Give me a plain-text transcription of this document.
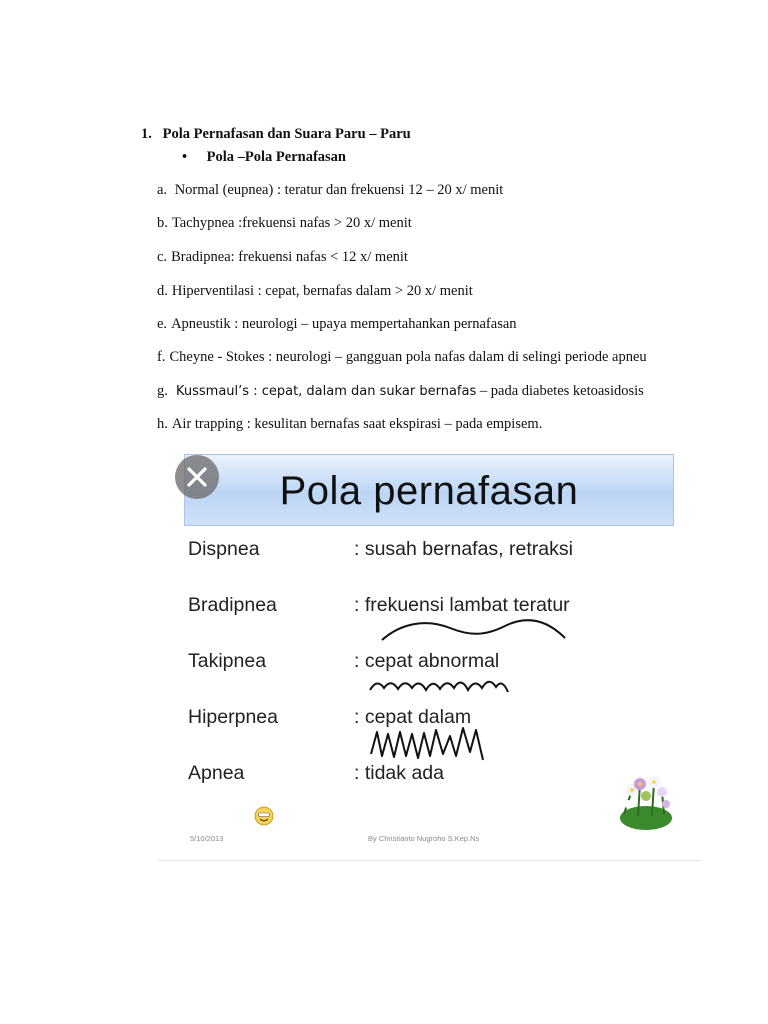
1. Pola Pernafasan dan Suara Paru – Paru
• Pola –Pola Pernafasan
a. Normal (eupnea) : teratur dan frekuensi 12 – 20 x/ menit
b. Tachypnea :frekuensi nafas > 20 x/ menit
c. Bradipnea: frekuensi nafas < 12 x/ menit
d. Hiperventilasi : cepat, bernafas dalam > 20 x/ menit
e. Apneustik : neurologi – upaya mempertahankan pernafasan
f. Cheyne - Stokes : neurologi – gangguan pola nafas dalam di selingi periode apneu
g. Kussmaul’s : cepat, dalam dan sukar bernafas – pada diabetes ketoasidosis
h. Air trapping : kesulitan bernafas saat ekspirasi – pada empisem.
Pola pernafasan
Dispnea	: susah bernafas, retraksi
Bradipnea	: frekuensi lambat teratur
Takipnea	: cepat abnormal
Hiperpnea	: cepat dalam
Apnea	: tidak ada
5/10/2013	By Christianto Nugroho S.Kep.Ns
